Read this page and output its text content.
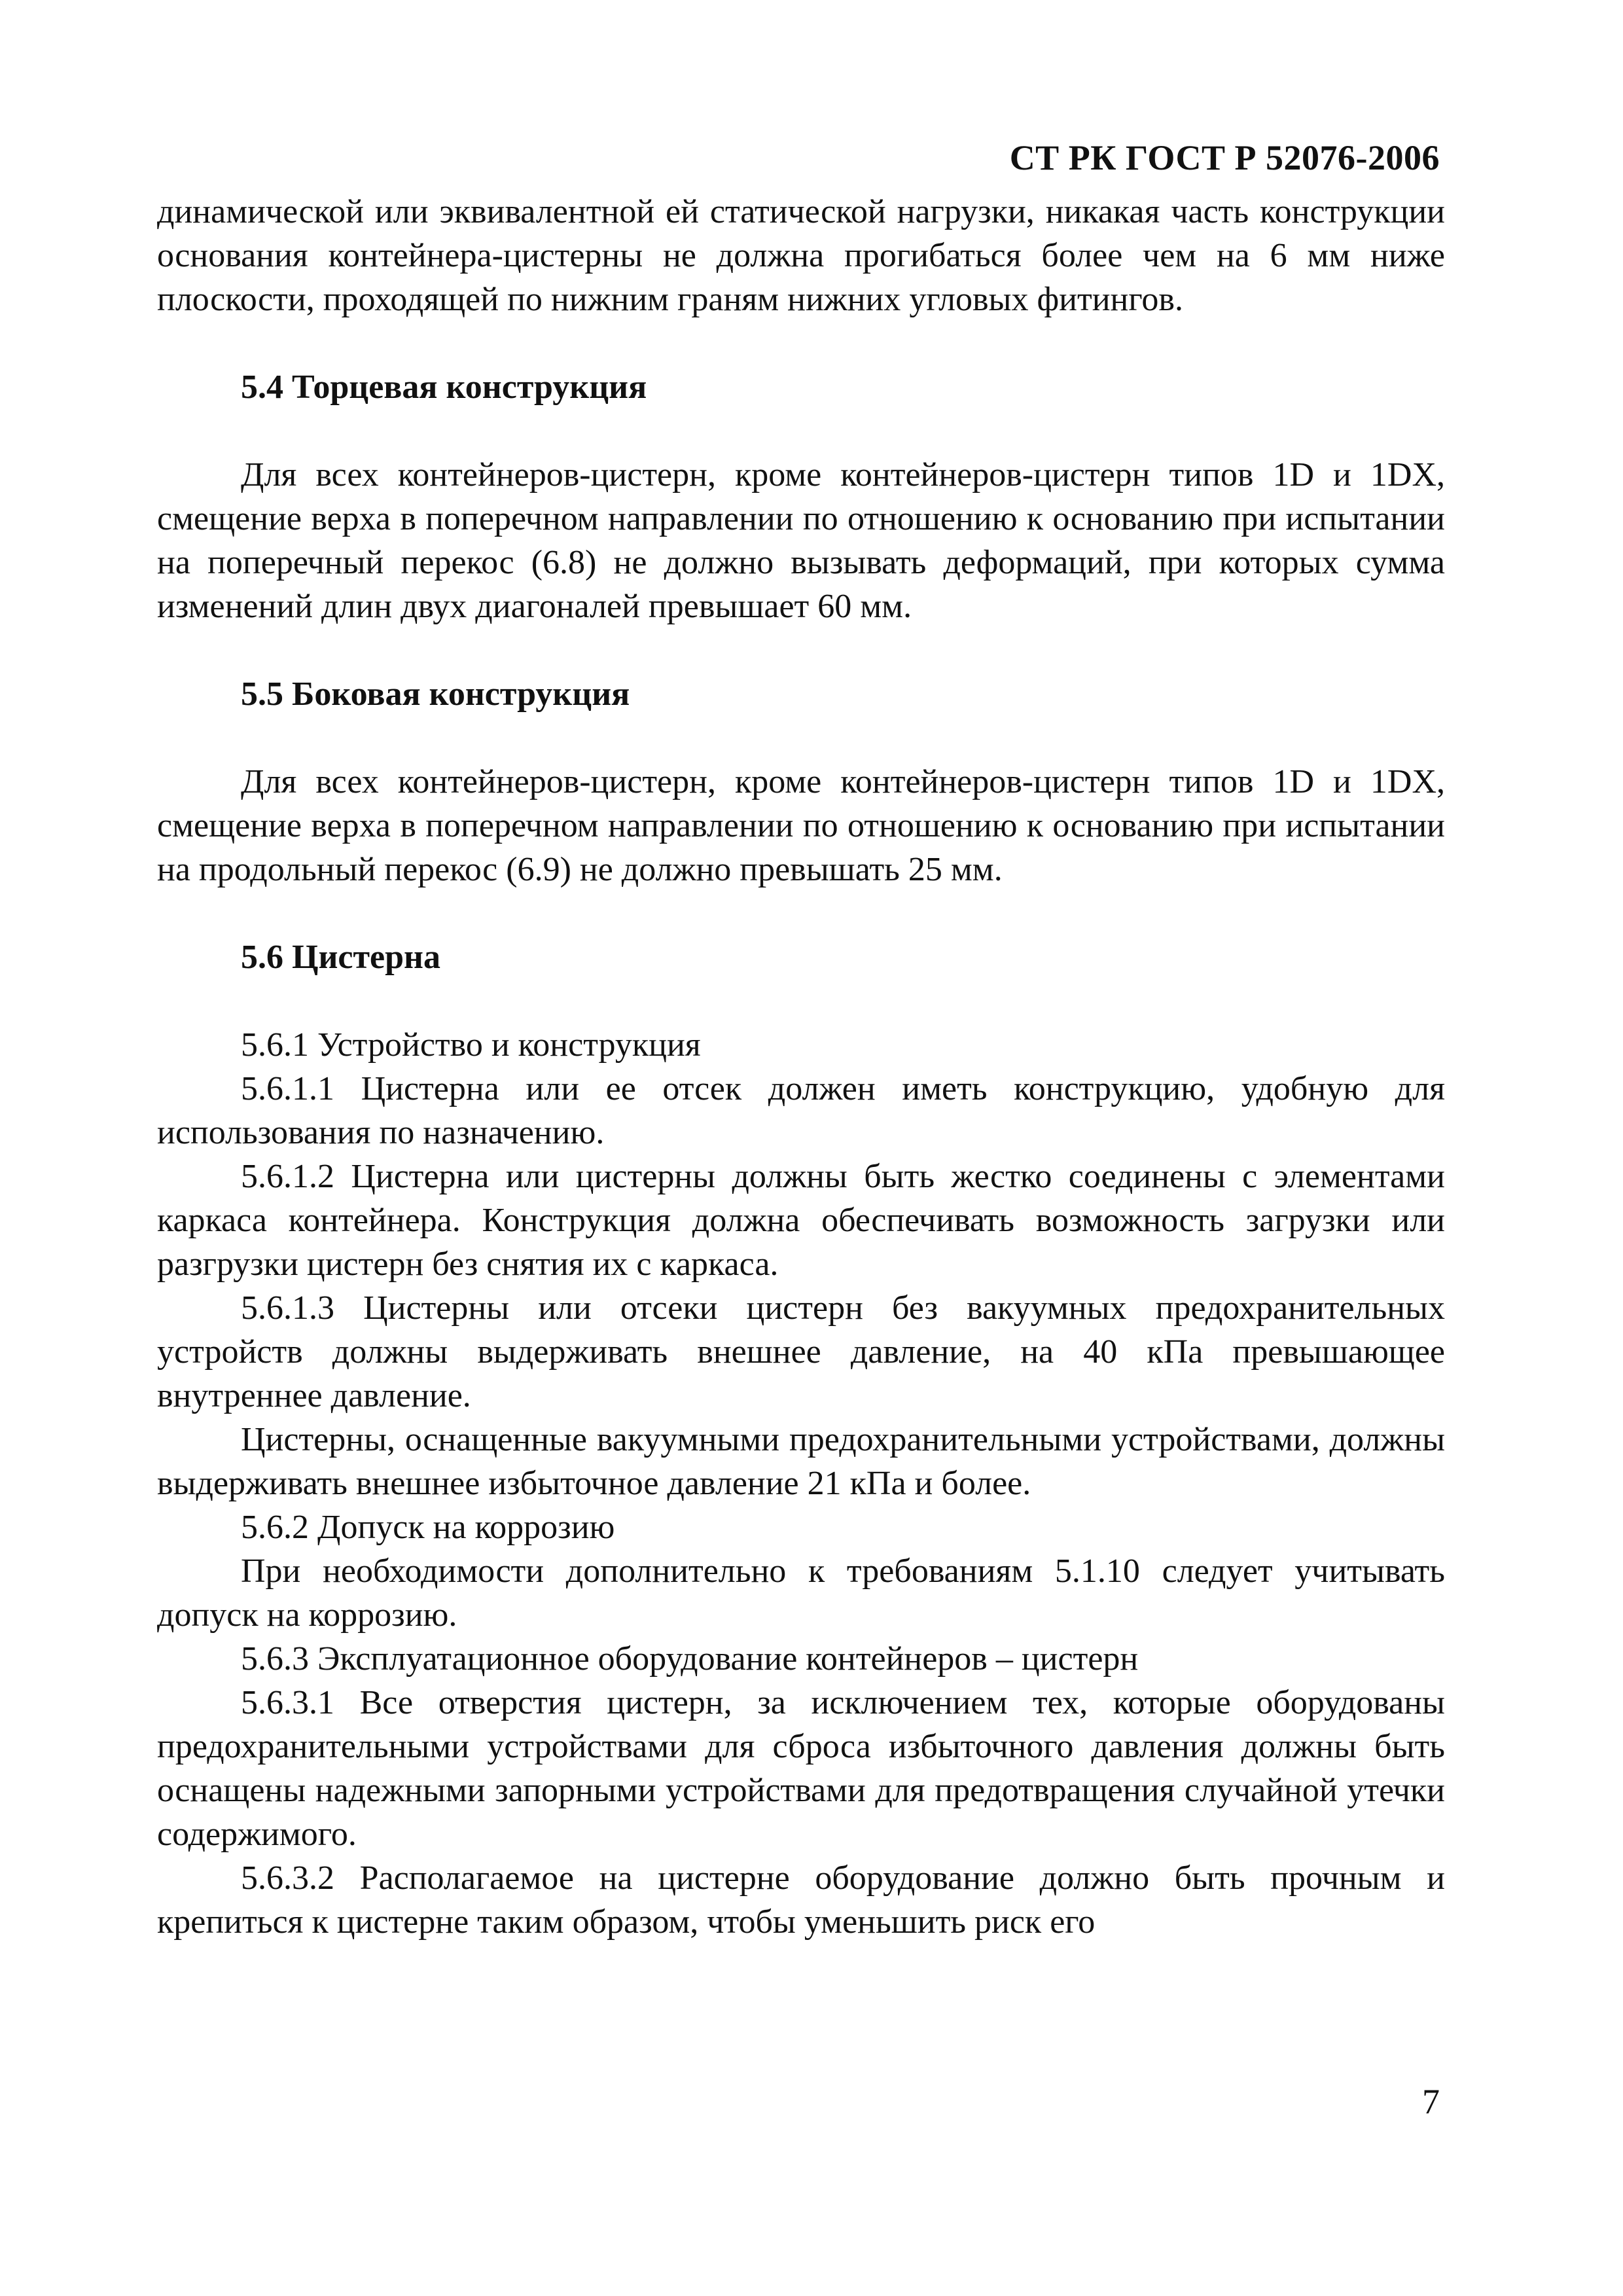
СТ РК ГОСТ Р 52076-2006

динамической или эквивалентной ей статической нагрузки, никакая часть конструкции основания контейнера-цистерны не должна прогибаться более чем на 6 мм ниже плоскости, проходящей по нижним граням нижних угловых фитингов.

5.4 Торцевая конструкция

Для всех контейнеров-цистерн, кроме контейнеров-цистерн типов 1D и 1DX, смещение верха в поперечном направлении по отношению к основанию при испытании на поперечный перекос (6.8) не должно вызывать деформаций, при которых сумма изменений длин двух диагоналей превышает 60 мм.

5.5 Боковая конструкция

Для всех контейнеров-цистерн, кроме контейнеров-цистерн типов 1D и 1DX, смещение верха в поперечном направлении по отношению к основанию при испытании на продольный перекос (6.9) не должно превышать 25 мм.

5.6 Цистерна

5.6.1 Устройство и конструкция

5.6.1.1 Цистерна или ее отсек должен иметь конструкцию, удобную для использования по назначению.

5.6.1.2 Цистерна или цистерны должны быть жестко соединены с элементами каркаса контейнера. Конструкция должна обеспечивать возможность загрузки или разгрузки цистерн без снятия их с каркаса.

5.6.1.3 Цистерны или отсеки цистерн без вакуумных предохранительных устройств должны выдерживать внешнее давление, на 40 кПа превышающее внутреннее давление.

Цистерны, оснащенные вакуумными предохранительными устройствами, должны выдерживать внешнее избыточное давление 21 кПа и более.

5.6.2 Допуск на коррозию

При необходимости дополнительно к требованиям 5.1.10 следует учитывать допуск на коррозию.

5.6.3 Эксплуатационное оборудование контейнеров – цистерн

5.6.3.1 Все отверстия цистерн, за исключением тех, которые оборудованы предохранительными устройствами для сброса избыточного давления должны быть оснащены надежными запорными устройствами для предотвращения случайной утечки содержимого.

5.6.3.2 Располагаемое на цистерне оборудование должно быть прочным и крепиться к цистерне таким образом, чтобы уменьшить риск его

7
